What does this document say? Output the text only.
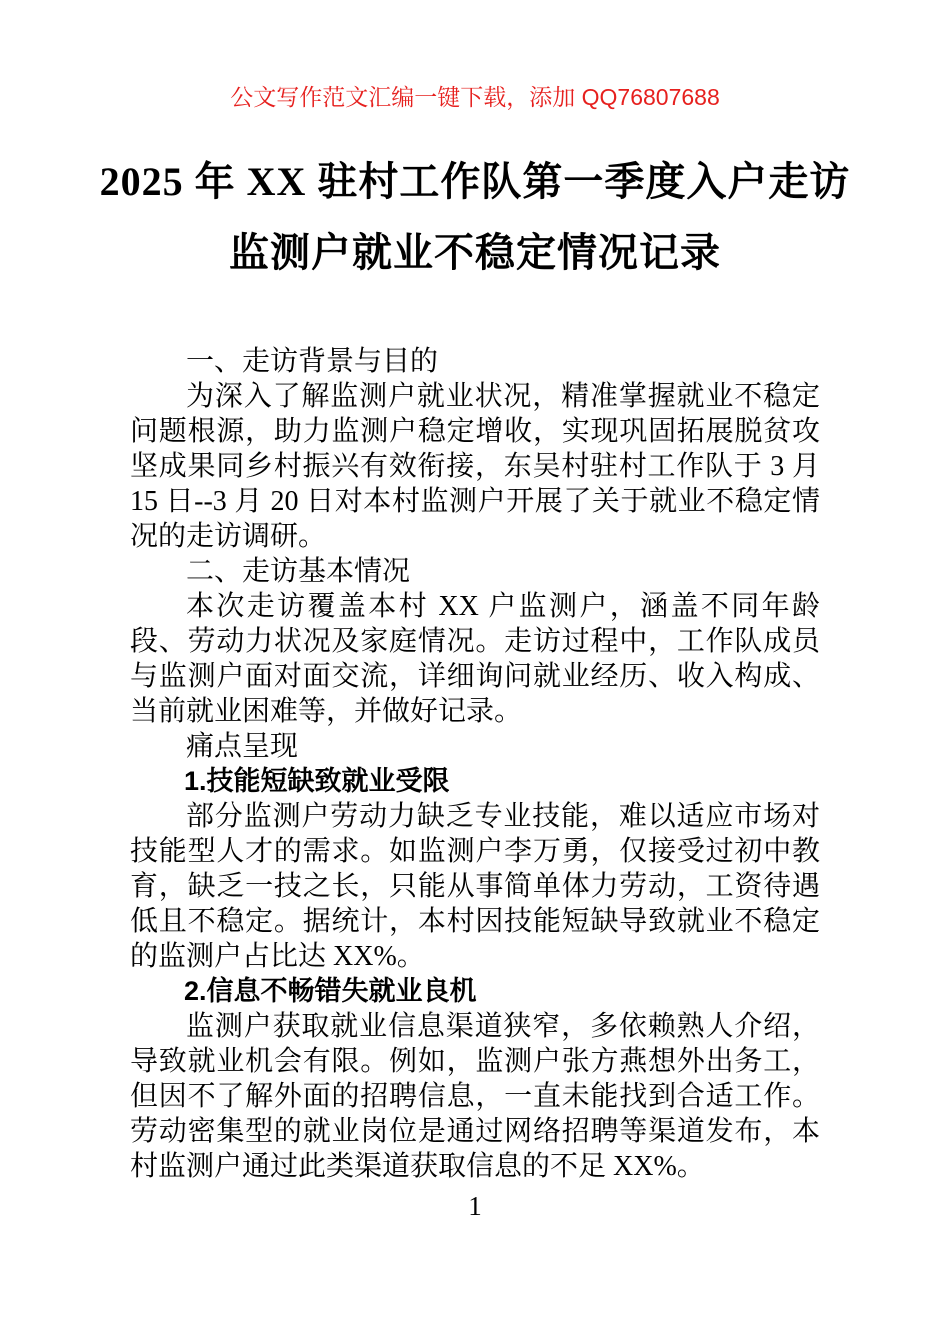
公文写作范文汇编一键下载，添加 QQ76807688
2025 年 XX 驻村工作队第一季度入户走访
监测户就业不稳定情况记录

一、走访背景与目的

为深入了解监测户就业状况，精准掌握就业不稳定问题根源，助力监测户稳定增收，实现巩固拓展脱贫攻坚成果同乡村振兴有效衔接，东吴村驻村工作队于 3 月 15 日--3 月 20 日对本村监测户开展了关于就业不稳定情况的走访调研。

二、走访基本情况

本次走访覆盖本村 XX 户监测户，涵盖不同年龄段、劳动力状况及家庭情况。走访过程中，工作队成员与监测户面对面交流，详细询问就业经历、收入构成、当前就业困难等，并做好记录。

痛点呈现

1.技能短缺致就业受限

部分监测户劳动力缺乏专业技能，难以适应市场对技能型人才的需求。如监测户李万勇，仅接受过初中教育，缺乏一技之长，只能从事简单体力劳动，工资待遇低且不稳定。据统计，本村因技能短缺导致就业不稳定的监测户占比达 XX%。

2.信息不畅错失就业良机

监测户获取就业信息渠道狭窄，多依赖熟人介绍，导致就业机会有限。例如，监测户张方燕想外出务工，但因不了解外面的招聘信息，一直未能找到合适工作。劳动密集型的就业岗位是通过网络招聘等渠道发布，本村监测户通过此类渠道获取信息的不足 XX%。

1
